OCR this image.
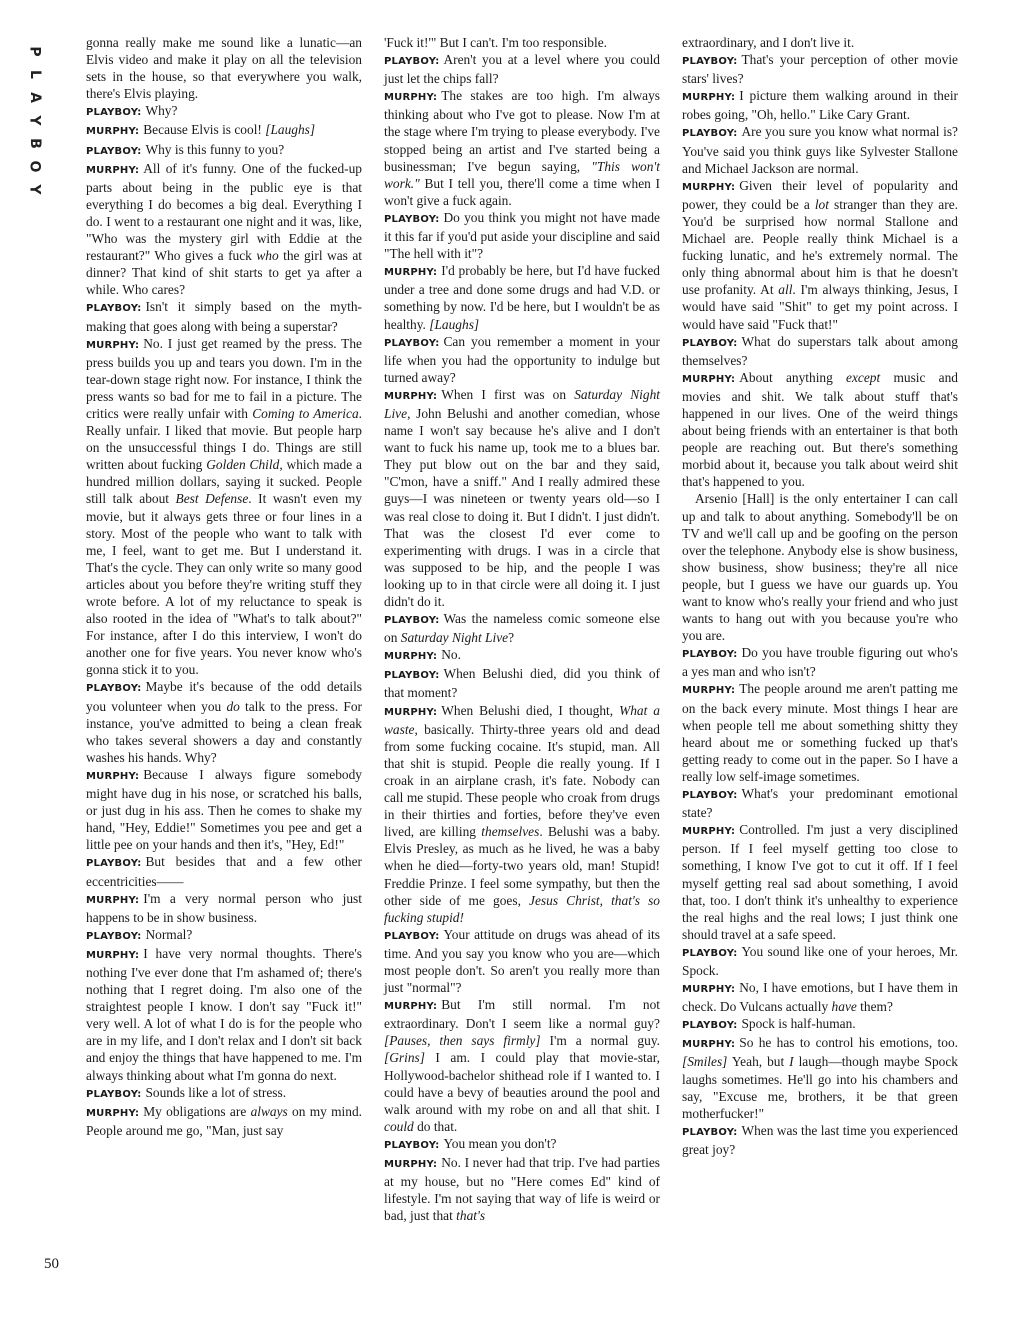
P
L
A
Y
B
O
Y
50

gonna really make me sound like a lunatic—an Elvis video and make it play on all the television sets in the house, so that everywhere you walk, there's Elvis playing.

PLAYBOY: Why?

MURPHY: Because Elvis is cool! [Laughs]

PLAYBOY: Why is this funny to you?

MURPHY: All of it's funny. One of the fucked-up parts about being in the public eye is that everything I do becomes a big deal. Everything I do. I went to a restaurant one night and it was, like, "Who was the mystery girl with Eddie at the restaurant?" Who gives a fuck who the girl was at dinner? That kind of shit starts to get ya after a while. Who cares?

PLAYBOY: Isn't it simply based on the myth-making that goes along with being a superstar?

MURPHY: No. I just get reamed by the press. The press builds you up and tears you down. I'm in the tear-down stage right now. For instance, I think the press wants so bad for me to fail in a picture. The critics were really unfair with Coming to America. Really unfair. I liked that movie. But people harp on the unsuccessful things I do. Things are still written about fucking Golden Child, which made a hundred million dollars, saying it sucked. People still talk about Best Defense. It wasn't even my movie, but it always gets three or four lines in a story. Most of the people who want to talk with me, I feel, want to get me. But I understand it. That's the cycle. They can only write so many good articles about you before they're writing stuff they wrote before. A lot of my reluctance to speak is also rooted in the idea of "What's to talk about?" For instance, after I do this interview, I won't do another one for five years. You never know who's gonna stick it to you.

PLAYBOY: Maybe it's because of the odd details you volunteer when you do talk to the press. For instance, you've admitted to being a clean freak who takes several showers a day and constantly washes his hands. Why?

MURPHY: Because I always figure somebody might have dug in his nose, or scratched his balls, or just dug in his ass. Then he comes to shake my hand, "Hey, Eddie!" Sometimes you pee and get a little pee on your hands and then it's, "Hey, Ed!"

PLAYBOY: But besides that and a few other eccentricities——

MURPHY: I'm a very normal person who just happens to be in show business.

PLAYBOY: Normal?

MURPHY: I have very normal thoughts. There's nothing I've ever done that I'm ashamed of; there's nothing that I regret doing. I'm also one of the straightest people I know. I don't say "Fuck it!" very well. A lot of what I do is for the people who are in my life, and I don't relax and I don't sit back and enjoy the things that have happened to me. I'm always thinking about what I'm gonna do next.

PLAYBOY: Sounds like a lot of stress.

MURPHY: My obligations are always on my mind. People around me go, "Man, just say

'Fuck it!'" But I can't. I'm too responsible.

PLAYBOY: Aren't you at a level where you could just let the chips fall?

MURPHY: The stakes are too high. I'm always thinking about who I've got to please. Now I'm at the stage where I'm trying to please everybody. I've stopped being an artist and I've started being a businessman; I've begun saying, "This won't work." But I tell you, there'll come a time when I won't give a fuck again.

PLAYBOY: Do you think you might not have made it this far if you'd put aside your discipline and said "The hell with it"?

MURPHY: I'd probably be here, but I'd have fucked under a tree and done some drugs and had V.D. or something by now. I'd be here, but I wouldn't be as healthy. [Laughs]

PLAYBOY: Can you remember a moment in your life when you had the opportunity to indulge but turned away?

MURPHY: When I first was on Saturday Night Live, John Belushi and another comedian, whose name I won't say because he's alive and I don't want to fuck his name up, took me to a blues bar. They put blow out on the bar and they said, "C'mon, have a sniff." And I really admired these guys—I was nineteen or twenty years old—so I was real close to doing it. But I didn't. I just didn't. That was the closest I'd ever come to experimenting with drugs. I was in a circle that was supposed to be hip, and the people I was looking up to in that circle were all doing it. I just didn't do it.

PLAYBOY: Was the nameless comic someone else on Saturday Night Live?

MURPHY: No.

PLAYBOY: When Belushi died, did you think of that moment?

MURPHY: When Belushi died, I thought, What a waste, basically. Thirty-three years old and dead from some fucking cocaine. It's stupid, man. All that shit is stupid. People die really young. If I croak in an airplane crash, it's fate. Nobody can call me stupid. These people who croak from drugs in their thirties and forties, before they've even lived, are killing themselves. Belushi was a baby. Elvis Presley, as much as he lived, he was a baby when he died—forty-two years old, man! Stupid! Freddie Prinze. I feel some sympathy, but then the other side of me goes, Jesus Christ, that's so fucking stupid!

PLAYBOY: Your attitude on drugs was ahead of its time. And you say you know who you are—which most people don't. So aren't you really more than just "normal"?

MURPHY: But I'm still normal. I'm not extraordinary. Don't I seem like a normal guy? [Pauses, then says firmly] I'm a normal guy. [Grins] I am. I could play that movie-star, Hollywood-bachelor shithead role if I wanted to. I could have a bevy of beauties around the pool and walk around with my robe on and all that shit. I could do that.

PLAYBOY: You mean you don't?

MURPHY: No. I never had that trip. I've had parties at my house, but no "Here comes Ed" kind of lifestyle. I'm not saying that way of life is weird or bad, just that that's

extraordinary, and I don't live it.

PLAYBOY: That's your perception of other movie stars' lives?

MURPHY: I picture them walking around in their robes going, "Oh, hello." Like Cary Grant.

PLAYBOY: Are you sure you know what normal is? You've said you think guys like Sylvester Stallone and Michael Jackson are normal.

MURPHY: Given their level of popularity and power, they could be a lot stranger than they are. You'd be surprised how normal Stallone and Michael are. People really think Michael is a fucking lunatic, and he's extremely normal. The only thing abnormal about him is that he doesn't use profanity. At all. I'm always thinking, Jesus, I would have said "Shit" to get my point across. I would have said "Fuck that!"

PLAYBOY: What do superstars talk about among themselves?

MURPHY: About anything except music and movies and shit. We talk about stuff that's happened in our lives. One of the weird things about being friends with an entertainer is that both people are reaching out. But there's something morbid about it, because you talk about weird shit that's happened to you.

Arsenio [Hall] is the only entertainer I can call up and talk to about anything. Somebody'll be on TV and we'll call up and be goofing on the person over the telephone. Anybody else is show business, show business, show business; they're all nice people, but I guess we have our guards up. You want to know who's really your friend and who just wants to hang out with you because you're who you are.

PLAYBOY: Do you have trouble figuring out who's a yes man and who isn't?

MURPHY: The people around me aren't patting me on the back every minute. Most things I hear are when people tell me about something shitty they heard about me or something fucked up that's getting ready to come out in the paper. So I have a really low self-image sometimes.

PLAYBOY: What's your predominant emotional state?

MURPHY: Controlled. I'm just a very disciplined person. If I feel myself getting too close to something, I know I've got to cut it off. If I feel myself getting real sad about something, I avoid that, too. I don't think it's unhealthy to experience the real highs and the real lows; I just think one should travel at a safe speed.

PLAYBOY: You sound like one of your heroes, Mr. Spock.

MURPHY: No, I have emotions, but I have them in check. Do Vulcans actually have them?

PLAYBOY: Spock is half-human.

MURPHY: So he has to control his emotions, too. [Smiles] Yeah, but I laugh—though maybe Spock laughs sometimes. He'll go into his chambers and say, "Excuse me, brothers, it be that green motherfucker!"

PLAYBOY: When was the last time you experienced great joy?
